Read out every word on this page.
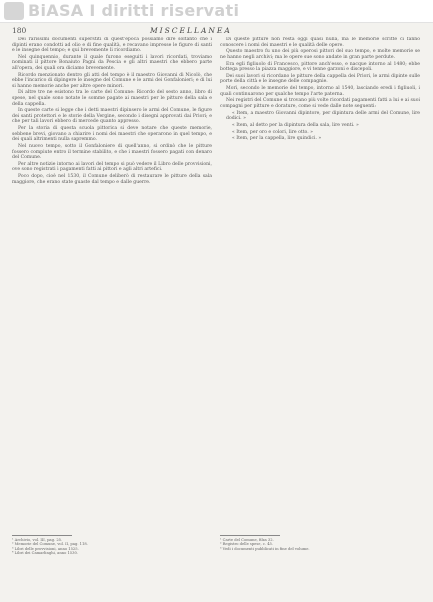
BiASA I diritti riservati
180	MISCELLANEA

Dei rarissimi documenti superstiti di quest'epoca possiamo dire soltanto che i dipinti erano condotti ad olio e di fine qualità, e recavano impresse le figure di santi e le insegne del tempo; e qui brevemente li ricordiamo.

Nel quinquennio, durante il quale furono eseguiti i lavori ricordati, troviamo nominati il pittore Bonaiuto Pagni da Pescia e gli altri maestri che ebbero parte all'opera, dei quali ora diciamo brevemente.

Ricordo menzionato dentro gli atti del tempo è il maestro Giovanni di Nicolò, che ebbe l'incarico di dipingere le insegne del Comune e le armi dei Gonfalonieri; e di lui si hanno memorie anche per altre opere minori.

Di altre tre ne esistono tra le carte del Comune: Ricordo del sesto anno, libro di spese, nel quale sono notate le somme pagate ai maestri per le pitture della sala e della cappella.

In queste carte si legge che i detti maestri dipinsero le armi del Comune, le figure dei santi protettori e le storie della Vergine, secondo i disegni approvati dai Priori; e che per tali lavori ebbero di mercede quanto appresso.

Per la storia di questa scuola pittorica si deve notare che queste memorie, sebbene brevi, giovano a chiarire i nomi dei maestri che operarono in quel tempo, e dei quali altrimenti nulla sapremmo.

Nel nuovo tempo, sotto il Gonfaloniere di quell'anno, si ordinò che le pitture fossero compiute entro il termine stabilito, e che i maestri fossero pagati con denaro del Comune.

Per altre notizie intorno ai lavori del tempo si può vedere il Libro delle provvisioni, ove sono registrati i pagamenti fatti ai pittori e agli altri artefici.

Poco dopo, cioè nel 1530, il Comune deliberò di restaurare le pitture della sala maggiore, che erano state guaste dal tempo e dalle guerre.

Di queste pitture non resta oggi quasi nulla, ma le memorie scritte ci fanno conoscere i nomi dei maestri e le qualità delle opere.

Questo maestro fu uno dei più operosi pittori del suo tempo, e molte memorie se ne hanno negli archivi; ma le opere sue sono andate in gran parte perdute.

Era egli figliuolo di Francesco, pittore anch'esso, e nacque intorno al 1480; ebbe bottega presso la piazza maggiore, e vi tenne garzoni e discepoli.

Dei suoi lavori si ricordano le pitture della cappella dei Priori, le armi dipinte sulle porte della città e le insegne delle compagnie.

Morì, secondo le memorie del tempo, intorno al 1540, lasciando eredi i figliuoli, i quali continuarono per qualche tempo l'arte paterna.

Nei registri del Comune si trovano più volte ricordati pagamenti fatti a lui e ai suoi compagni per pitture e dorature, come si vede dalle note seguenti:

« Item, a maestro Giovanni dipintore, per dipintura delle armi del Comune, lire dodici. »

« Item, al detto per la dipintura della sala, lire venti. »

« Item, per oro e colori, lire otto. »

« Item, per la cappella, lire quindici. »

¹ Archivio, vol. III, pag. 25.
² Memorie del Comune, vol. II, pag. 118.
³ Libri delle provvisioni, anno 1525.
⁴ Libri dei Camarlinghi, anno 1530.
¹ Carte del Comune, filza 32.
² Registro delle spese, c. 45.
³ Vedi i documenti pubblicati in fine del volume.
